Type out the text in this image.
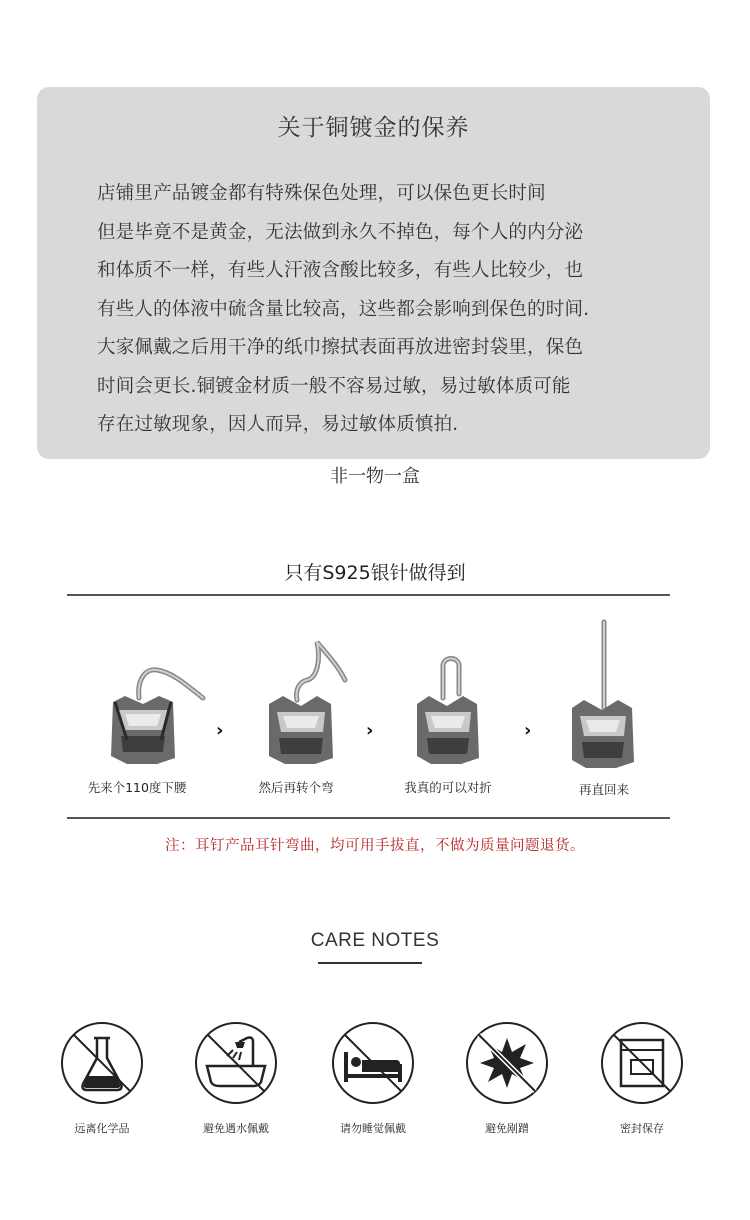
关于铜镀金的保养
店铺里产品镀金都有特殊保色处理，可以保色更长时间
但是毕竟不是黄金，无法做到永久不掉色，每个人的内分泌
和体质不一样，有些人汗液含酸比较多，有些人比较少，也
有些人的体液中硫含量比较高，这些都会影响到保色的时间.
大家佩戴之后用干净的纸巾擦拭表面再放进密封袋里，保色
时间会更长.铜镀金材质一般不容易过敏，易过敏体质可能
存在过敏现象，因人而异，易过敏体质慎拍.
非一物一盒
只有S925银针做得到
先来个110度下腰
›
然后再转个弯
›
我真的可以对折
›
再直回来
注：耳钉产品耳针弯曲，均可用手拔直，不做为质量问题退货。
CARE NOTES
远离化学品	避免遇水佩戴	请勿睡觉佩戴	避免剐蹭	密封保存
